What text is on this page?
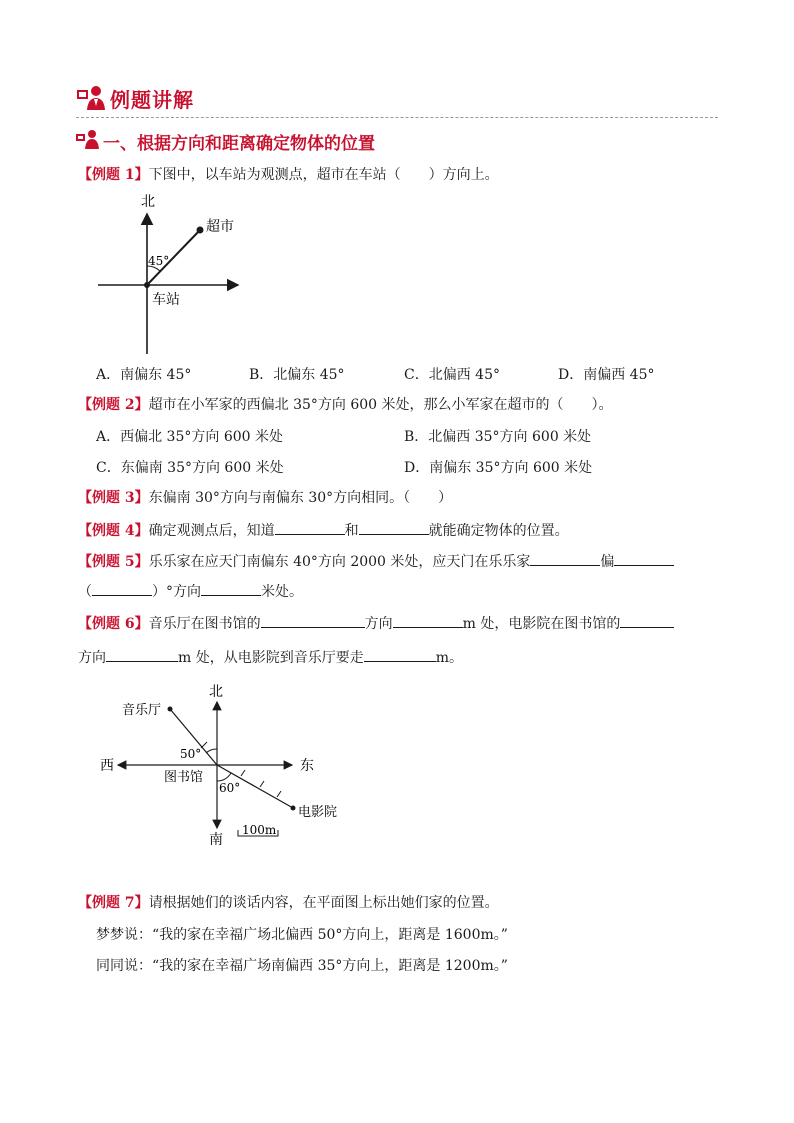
例题讲解
一、根据方向和距离确定物体的位置
【例题 1】下图中，以车站为观测点，超市在车站（　　）方向上。
北
超市
45°
车站
A．南偏东 45°	B．北偏东 45°	C．北偏西 45°	D．南偏西 45°
【例题 2】超市在小军家的西偏北 35°方向 600 米处，那么小军家在超市的（　　）。
A．西偏北 35°方向 600 米处	B．北偏西 35°方向 600 米处
C．东偏南 35°方向 600 米处	D．南偏东 35°方向 600 米处
【例题 3】东偏南 30°方向与南偏东 30°方向相同。（　　）
【例题 4】确定观测点后，知道	和	就能确定物体的位置。
【例题 5】乐乐家在应天门南偏东 40°方向 2000 米处，应天门在乐乐家	偏
（	）°方向	米处。
【例题 6】音乐厅在图书馆的	方向	m 处，电影院在图书馆的
方向	m 处，从电影院到音乐厅要走	m。
北
南
东
西
音乐厅
电影院
图书馆
50°
60°
100m
【例题 7】请根据她们的谈话内容，在平面图上标出她们家的位置。
梦梦说：“我的家在幸福广场北偏西 50°方向上，距离是 1600m。”
同同说：“我的家在幸福广场南偏西 35°方向上，距离是 1200m。”
